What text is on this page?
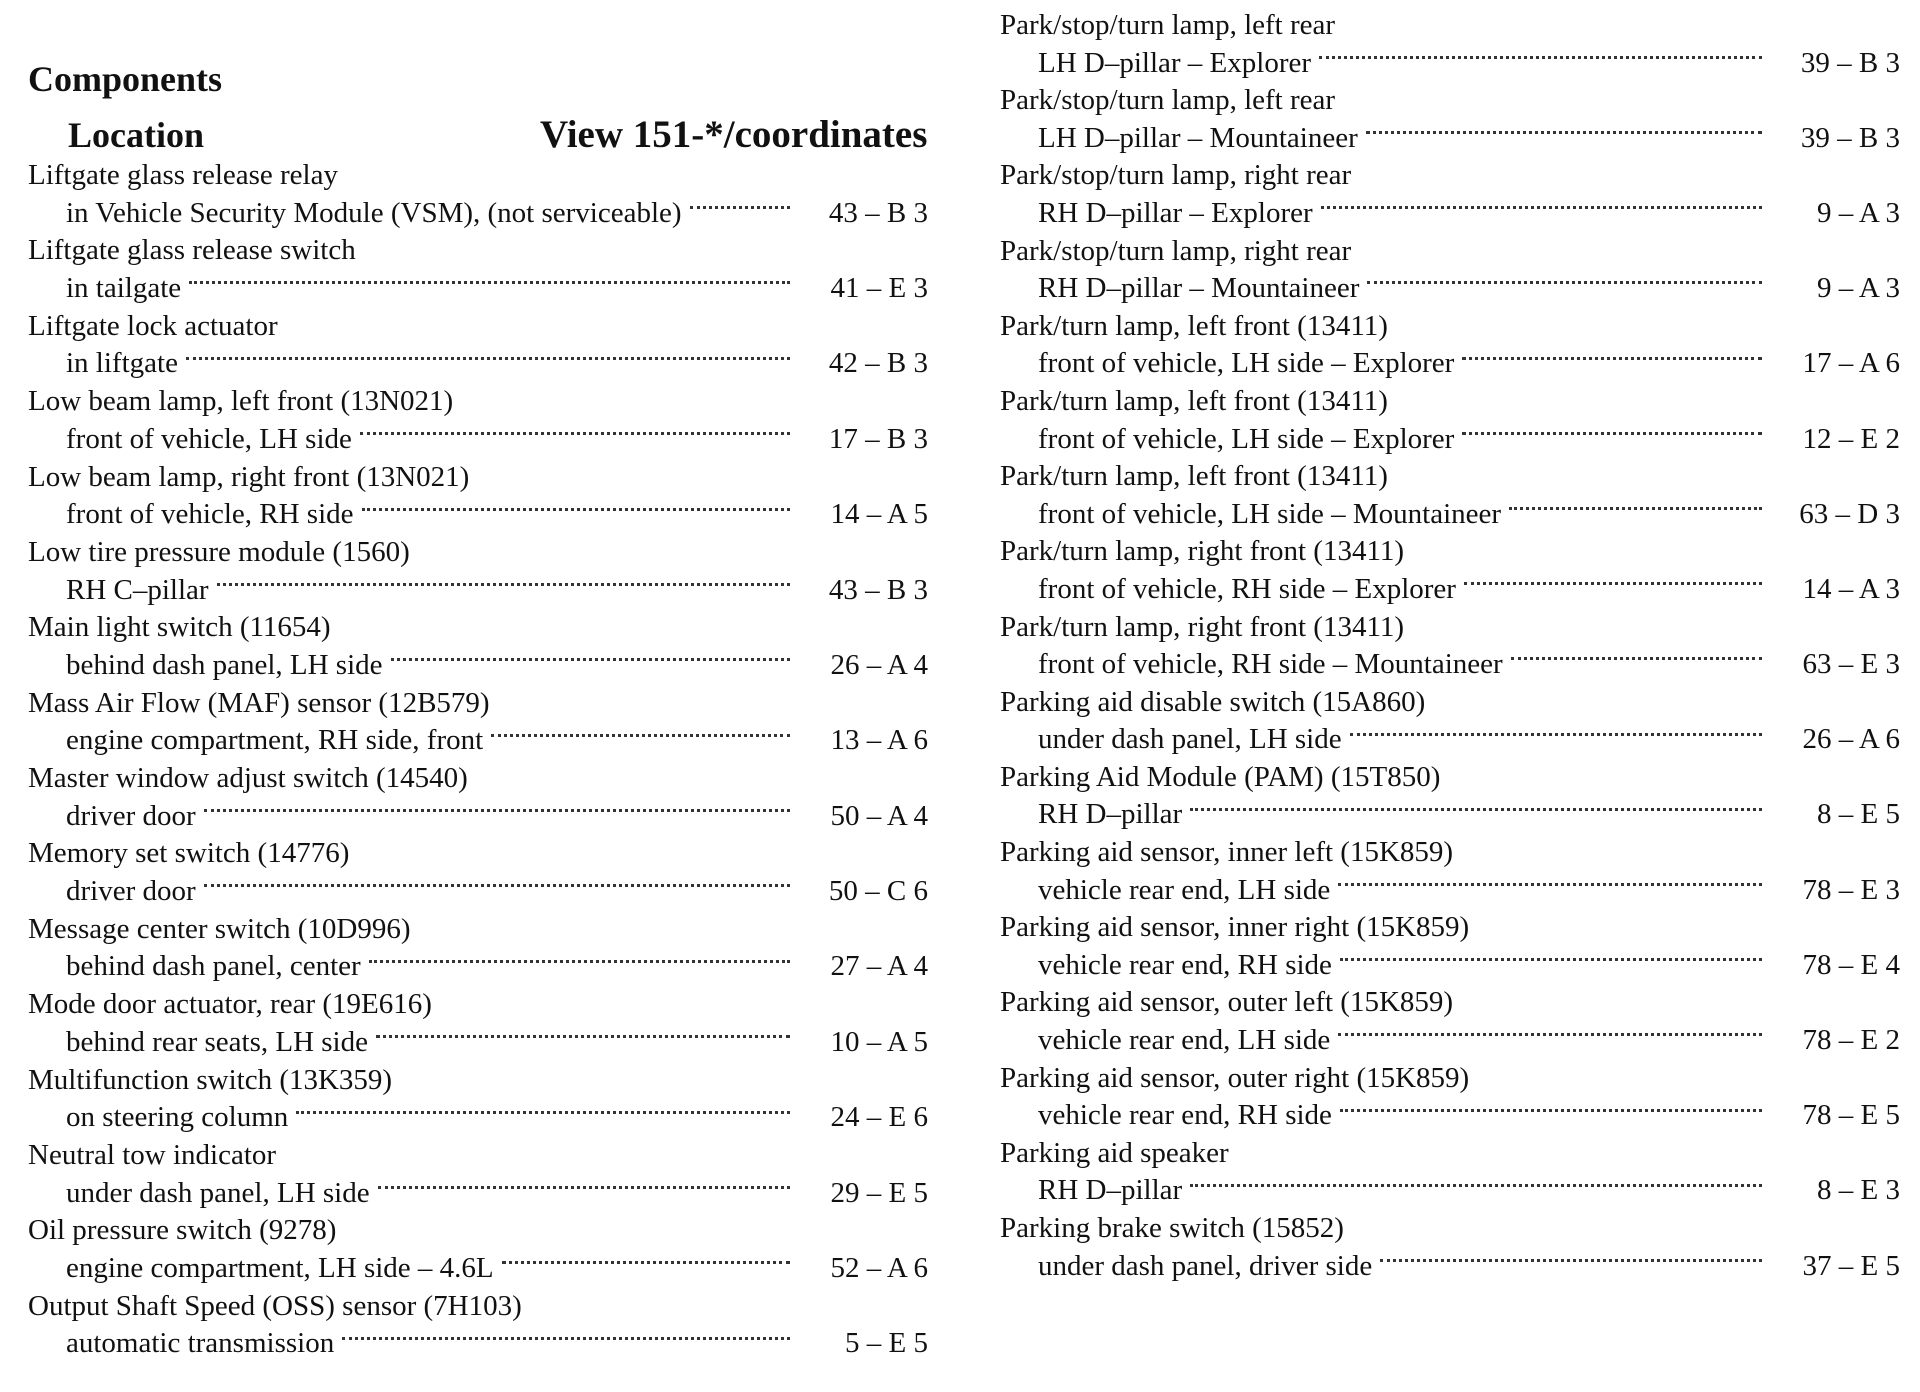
Components
Location	View 151-*/coordinates
Liftgate glass release relay
in Vehicle Security Module (VSM), (not serviceable)	43 – B 3
Liftgate glass release switch
in tailgate	41 – E 3
Liftgate lock actuator
in liftgate	42 – B 3
Low beam lamp, left front (13N021)
front of vehicle, LH side	17 – B 3
Low beam lamp, right front (13N021)
front of vehicle, RH side	14 – A 5
Low tire pressure module (1560)
RH C–pillar	43 – B 3
Main light switch (11654)
behind dash panel, LH side	26 – A 4
Mass Air Flow (MAF) sensor (12B579)
engine compartment, RH side, front	13 – A 6
Master window adjust switch (14540)
driver door	50 – A 4
Memory set switch (14776)
driver door	50 – C 6
Message center switch (10D996)
behind dash panel, center	27 – A 4
Mode door actuator, rear (19E616)
behind rear seats, LH side	10 – A 5
Multifunction switch (13K359)
on steering column	24 – E 6
Neutral tow indicator
under dash panel, LH side	29 – E 5
Oil pressure switch (9278)
engine compartment, LH side – 4.6L	52 – A 6
Output Shaft Speed (OSS) sensor (7H103)
automatic transmission	5 – E 5
Park/stop/turn lamp, left rear
LH D–pillar – Explorer	39 – B 3
Park/stop/turn lamp, left rear
LH D–pillar – Mountaineer	39 – B 3
Park/stop/turn lamp, right rear
RH D–pillar – Explorer	9 – A 3
Park/stop/turn lamp, right rear
RH D–pillar – Mountaineer	9 – A 3
Park/turn lamp, left front (13411)
front of vehicle, LH side – Explorer	17 – A 6
Park/turn lamp, left front (13411)
front of vehicle, LH side – Explorer	12 – E 2
Park/turn lamp, left front (13411)
front of vehicle, LH side – Mountaineer	63 – D 3
Park/turn lamp, right front (13411)
front of vehicle, RH side – Explorer	14 – A 3
Park/turn lamp, right front (13411)
front of vehicle, RH side – Mountaineer	63 – E 3
Parking aid disable switch (15A860)
under dash panel, LH side	26 – A 6
Parking Aid Module (PAM) (15T850)
RH D–pillar	8 – E 5
Parking aid sensor, inner left (15K859)
vehicle rear end, LH side	78 – E 3
Parking aid sensor, inner right (15K859)
vehicle rear end, RH side	78 – E 4
Parking aid sensor, outer left (15K859)
vehicle rear end, LH side	78 – E 2
Parking aid sensor, outer right (15K859)
vehicle rear end, RH side	78 – E 5
Parking aid speaker
RH D–pillar	8 – E 3
Parking brake switch (15852)
under dash panel, driver side	37 – E 5
